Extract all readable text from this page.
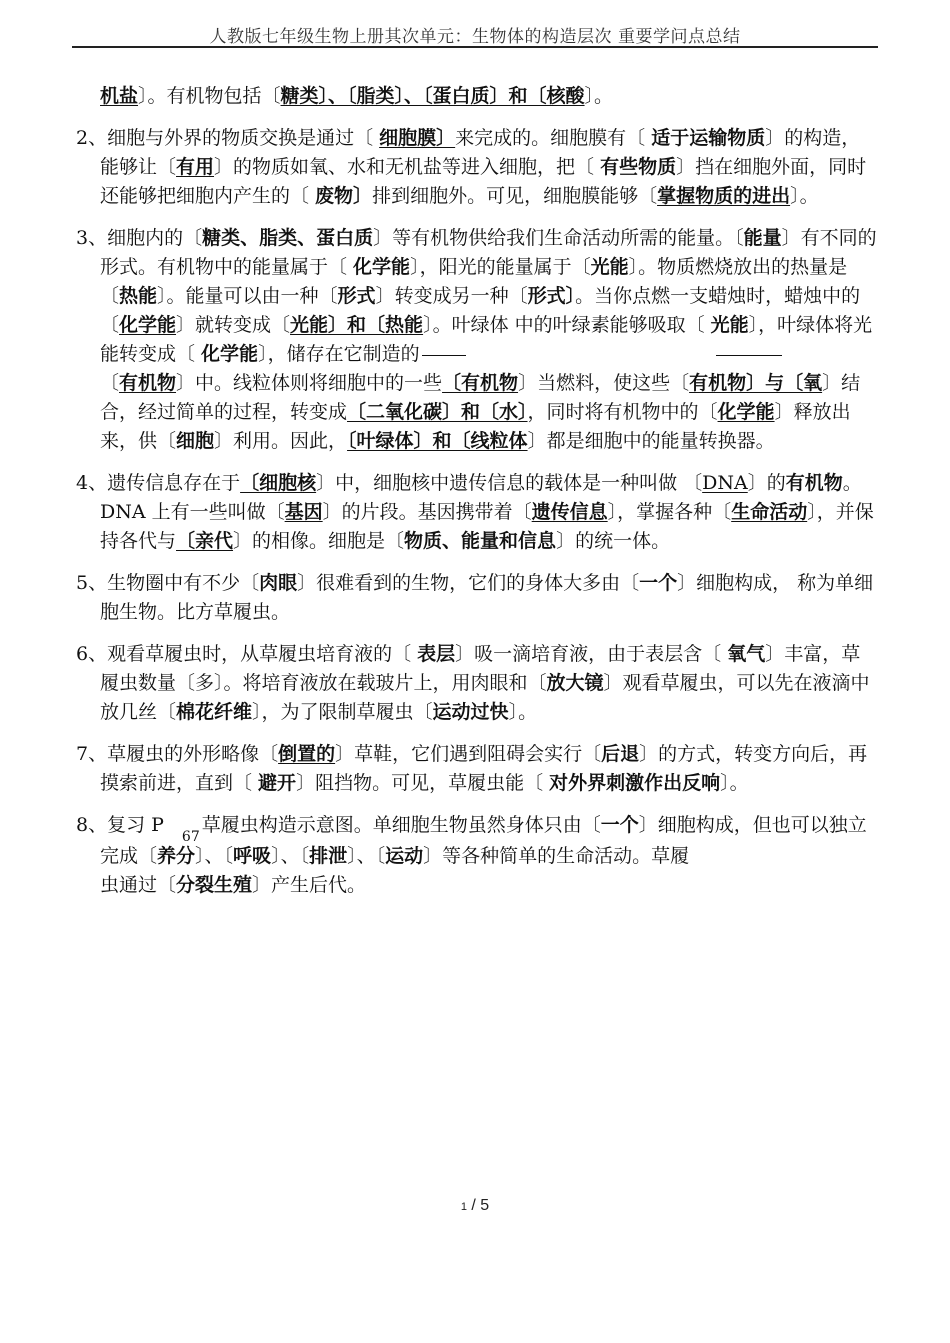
人教版七年级生物上册其次单元：生物体的构造层次 重要学问点总结

机盐〕。有机物包括〔糖类〕、〔脂类〕、〔蛋白质〕和〔核酸〕。

2、细胞与外界的物质交换是通过〔 细胞膜〕来完成的。细胞膜有〔 适于运输物质〕的构造，能够让〔有用〕的物质如氧、水和无机盐等进入细胞，把〔 有些物质〕挡在细胞外面，同时还能够把细胞内产生的〔 废物〕排到细胞外。可见，细胞膜能够〔掌握物质的进出〕。

3、细胞内的〔糖类、脂类、蛋白质〕等有机物供给我们生命活动所需的能量。〔能量〕有不同的形式。有机物中的能量属于〔 化学能〕，阳光的能量属于〔光能〕。物质燃烧放出的热量是〔热能〕。能量可以由一种〔形式〕转变成另一种〔形式〕。当你点燃一支蜡烛时，蜡烛中的〔化学能〕就转变成〔光能〕和〔热能〕。叶绿体 中的叶绿素能够吸取〔 光能〕，叶绿体将光能转变成〔 化学能〕，储存在它制造的

〔有机物〕中。线粒体则将细胞中的一些〔有机物〕当燃料，使这些〔有机物〕与〔氧〕结合，经过简单的过程，转变成〔二氧化碳〕和〔水〕，同时将有机物中的〔化学能〕释放出来，供〔细胞〕利用。因此，〔叶绿体〕和〔线粒体〕都是细胞中的能量转换器。

4、遗传信息存在于〔细胞核〕中，细胞核中遗传信息的载体是一种叫做 〔DNA〕的有机物。DNA 上有一些叫做〔基因〕的片段。基因携带着〔遗传信息〕，掌握各种〔生命活动〕，并保持各代与〔亲代〕的相像。细胞是〔物质、能量和信息〕的统一体。

5、生物圈中有不少〔肉眼〕很难看到的生物，它们的身体大多由〔一个〕细胞构成， 称为单细胞生物。比方草履虫。

6、观看草履虫时，从草履虫培育液的〔 表层〕吸一滴培育液，由于表层含〔 氧气〕丰富，草履虫数量〔多〕。将培育液放在载玻片上，用肉眼和〔放大镜〕观看草履虫，可以先在液滴中放几丝〔棉花纤维〕，为了限制草履虫〔运动过快〕。

7、草履虫的外形略像〔倒置的〕草鞋，它们遇到阻碍会实行〔后退〕的方式，转变方向后，再摸索前进，直到〔 避开〕阻挡物。可见，草履虫能〔 对外界刺激作出反响〕。

8、复习 $P_{67}$草履虫构造示意图。单细胞生物虽然身体只由〔一个〕细胞构成，但也可以独立完成〔养分〕、〔呼吸〕、〔排泄〕、〔运动〕等各种简单的生命活动。草履

虫通过〔分裂生殖〕产生后代。

1 / 5
